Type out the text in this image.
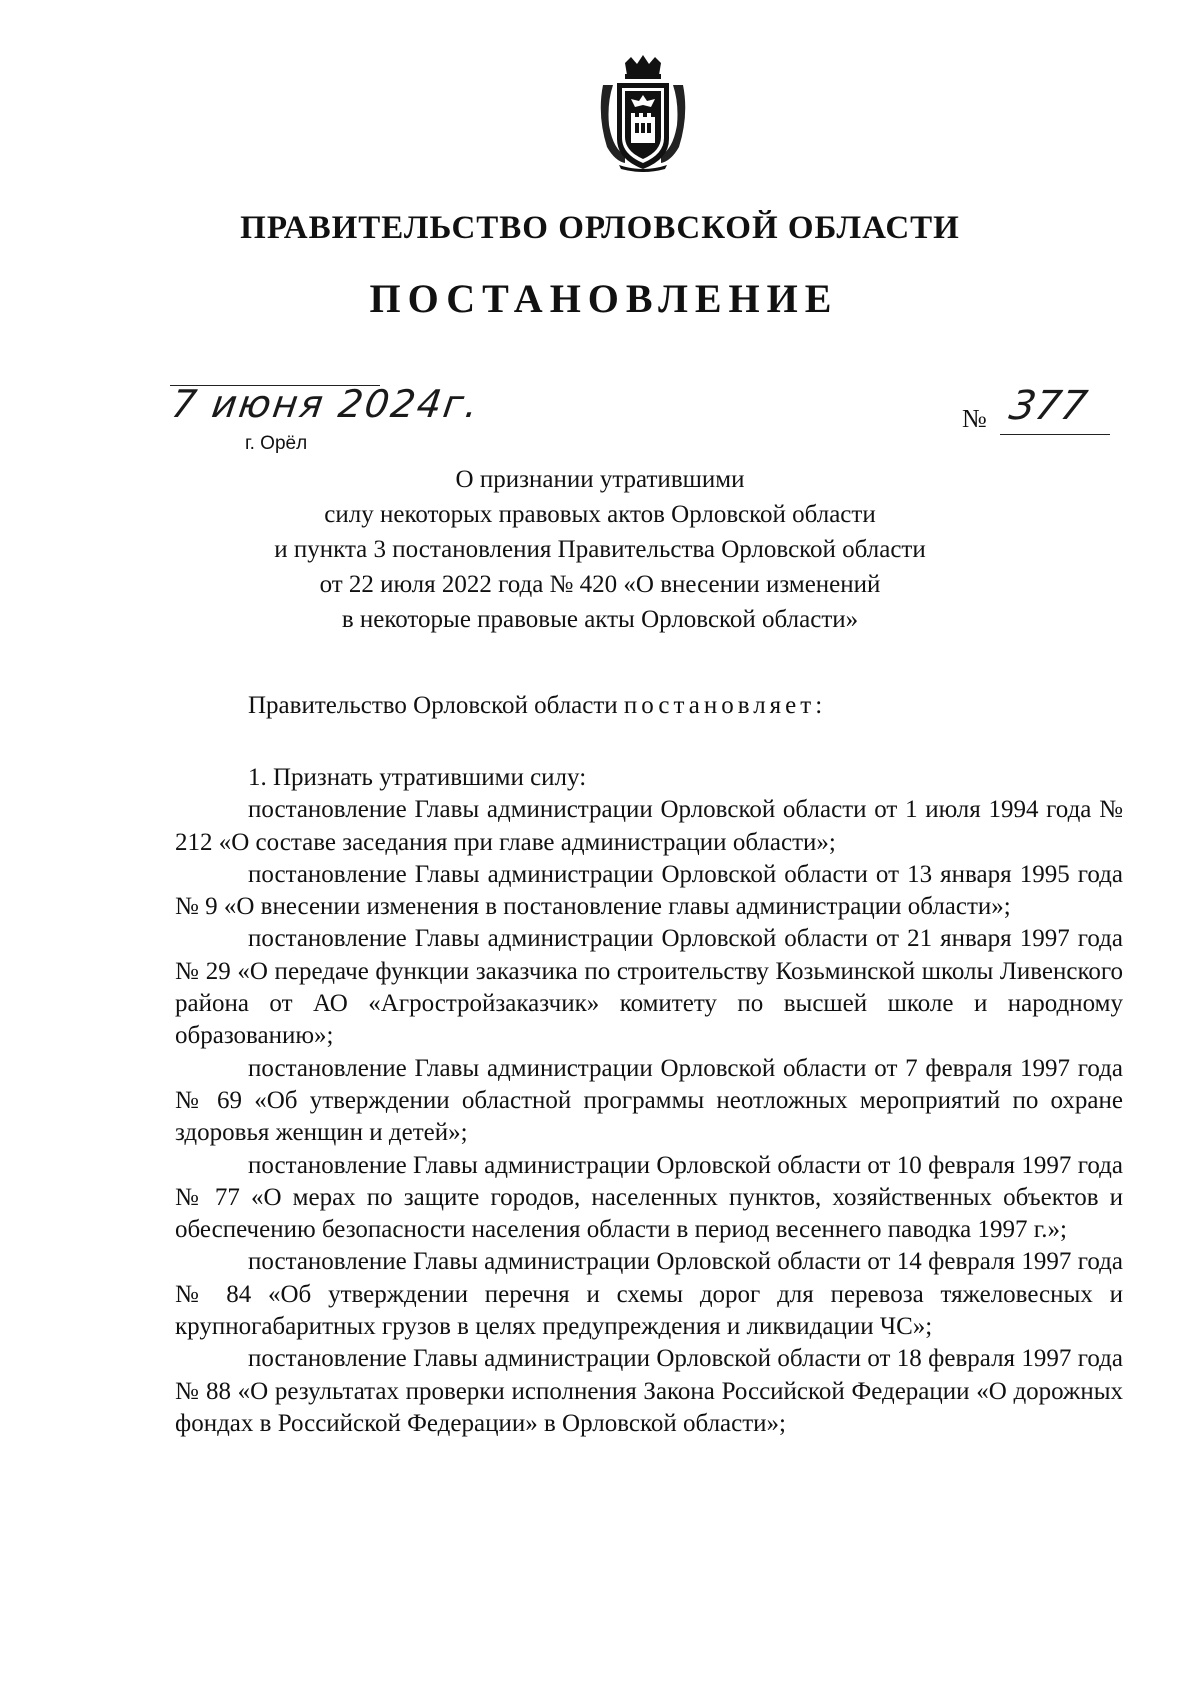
ПРАВИТЕЛЬСТВО ОРЛОВСКОЙ ОБЛАСТИ
ПОСТАНОВЛЕНИЕ
7 июня 2024г.
г. Орёл
№ 377
О признании утратившими
силу некоторых правовых актов Орловской области
и пункта 3 постановления Правительства Орловской области
от 22 июля 2022 года № 420 «О внесении изменений
в некоторые правовые акты Орловской области»
Правительство Орловской области постановляет:

1. Признать утратившими силу:

постановление Главы администрации Орловской области от 1 июля 1994 года № 212 «О составе заседания при главе администрации области»;

постановление Главы администрации Орловской области от 13 января 1995 года № 9 «О внесении изменения в постановление главы администрации области»;

постановление Главы администрации Орловской области от 21 января 1997 года № 29 «О передаче функции заказчика по строительству Козьминской школы Ливенского района от АО «Агростройзаказчик» комитету по высшей школе и народному образованию»;

постановление Главы администрации Орловской области от 7 февраля 1997 года № 69 «Об утверждении областной программы неотложных мероприятий по охране здоровья женщин и детей»;

постановление Главы администрации Орловской области от 10 февраля 1997 года № 77 «О мерах по защите городов, населенных пунктов, хозяйственных объектов и обеспечению безопасности населения области в период весеннего паводка 1997 г.»;

постановление Главы администрации Орловской области от 14 февраля 1997 года № 84 «Об утверждении перечня и схемы дорог для перевоза тяжеловесных и крупногабаритных грузов в целях предупреждения и ликвидации ЧС»;

постановление Главы администрации Орловской области от 18 февраля 1997 года № 88 «О результатах проверки исполнения Закона Российской Федерации «О дорожных фондах в Российской Федерации» в Орловской области»;
